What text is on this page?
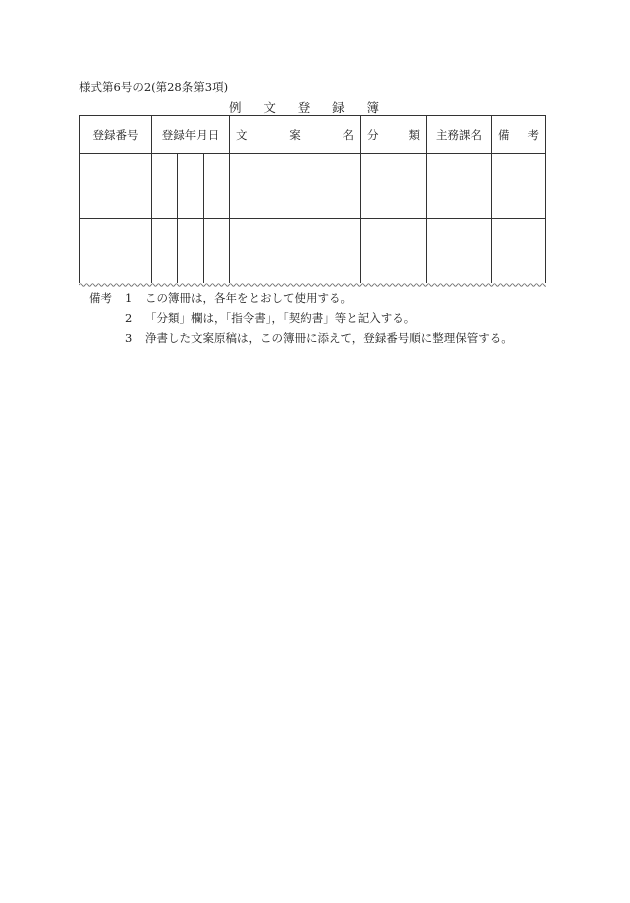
様式第6号の2(第28条第3項)
例 文 登 録 簿
登録番号	登録年月日			文 案 名	分 類	主務課名	備 考

備考	1	この簿冊は，各年をとおして使用する。
2	「分類」欄は，「指令書」，「契約書」等と記入する。
3	浄書した文案原稿は，この簿冊に添えて，登録番号順に整理保管する。
